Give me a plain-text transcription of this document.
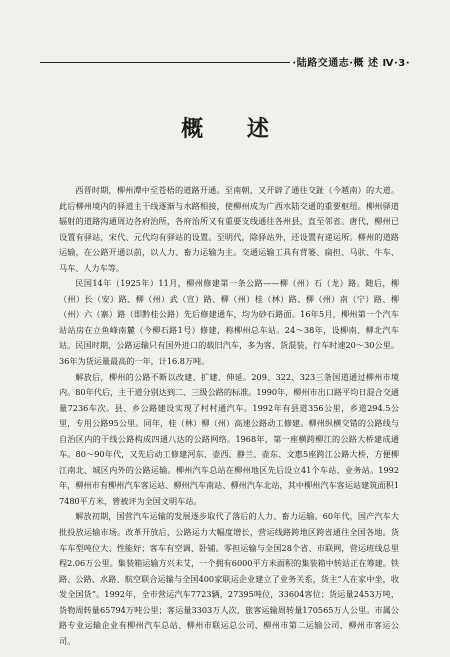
·陆路交通志·概 述 Ⅳ·3·
概 述

西晋时期，柳州潭中至苍梧的道路开通。至南朝，又开辟了通往交趾（今越南）的大道。此后柳州境内的驿道主干线逐渐与水路相接，使柳州成为广西水陆交通的重要枢纽。柳州驿道辐射的道路沟通周边各府治所，各府治所又有重要支线通往各州县，直至邻省。唐代，柳州已设置有驿站，宋代、元代均有驿站的设置。至明代，除驿站外，还设置有递运所。柳州的道路运输，在公路开通以前，以人力、畜力运输为主。交通运输工具有背篓、扁担、马驮、牛车、马车、人力车等。

民国14年（1925年）11月，柳州修建第一条公路——柳（州）石（龙）路。随后，柳（州）长（安）路、柳（州）武（宣）路、柳（州）桂（林）路、柳（州）南（宁）路、柳（州）六（寨）路（即黔桂公路）先后修建通车，均为砂石路面。16年5月，柳州第一个汽车站站房在立鱼峰南麓（今柳石路1号）修建，称柳州总车站。24～38年，设柳南、柳北汽车站。民国时期，公路运输只有国外进口的载旧汽车，多为客、货混装，行车时速20～30公里。36年为货运量最高的一年，计16.8万吨。

解放后，柳州的公路不断以改建、扩建、伸延。209、322、323三条国道通过柳州市境内。80年代后，主干道分别达到二、三级公路的标准。1990年，柳州市出口路平均日混合交通量7236车次。县、乡公路建设实现了村村通汽车。1992年有县道356公里，乡道294.5公里，专用公路95公里。同年，桂（林）柳（州）高速公路动工修建。柳州纵横交错的公路线与自治区内的干线公路构成四通八达的公路网络。1968年，第一座横跨柳江的公路大桥建成通车。80～90年代，又先后动工修建河东、壶西、静兰、壶东、文惠5座跨江公路大桥，方便柳江南北、城区内外的公路运输。柳州汽车总站在柳州地区先后设立41个车站、业务站。1992年，柳州市有柳州汽车客运站、柳州汽车南站、柳州汽车北站，其中柳州汽车客运站建筑面积17480平方米，曾被评为全国文明车站。

解放初期，国营汽车运输的发展逐步取代了落后的人力、畜力运输。60年代，国产汽车大批投放运输市场。改革开放后，公路运力大幅度增长，营运线路跨地区跨省通往全国各地。货车车型吨位大、性能好；客车有空调、卧铺。零担运输与全国28个省、市联网，营运班线总里程2.06万公里。集装箱运输方兴未艾，一个拥有6000平方米面积的集装箱中转站正在筹建。铁路、公路、水路、航空联合运输与全国400家联运企业建立了业务关系，货主“人在家中坐，收发全国货”。1992年，全市营运汽车7723辆，27395吨位，33604客位；货运量2453万吨，货物周转量65794万吨公里；客运量3303万人次，旅客运输周转量170565万人公里。市属公路专业运输企业有柳州汽车总站、柳州市联运总公司、柳州市第二运输公司、柳州市客运公司。
